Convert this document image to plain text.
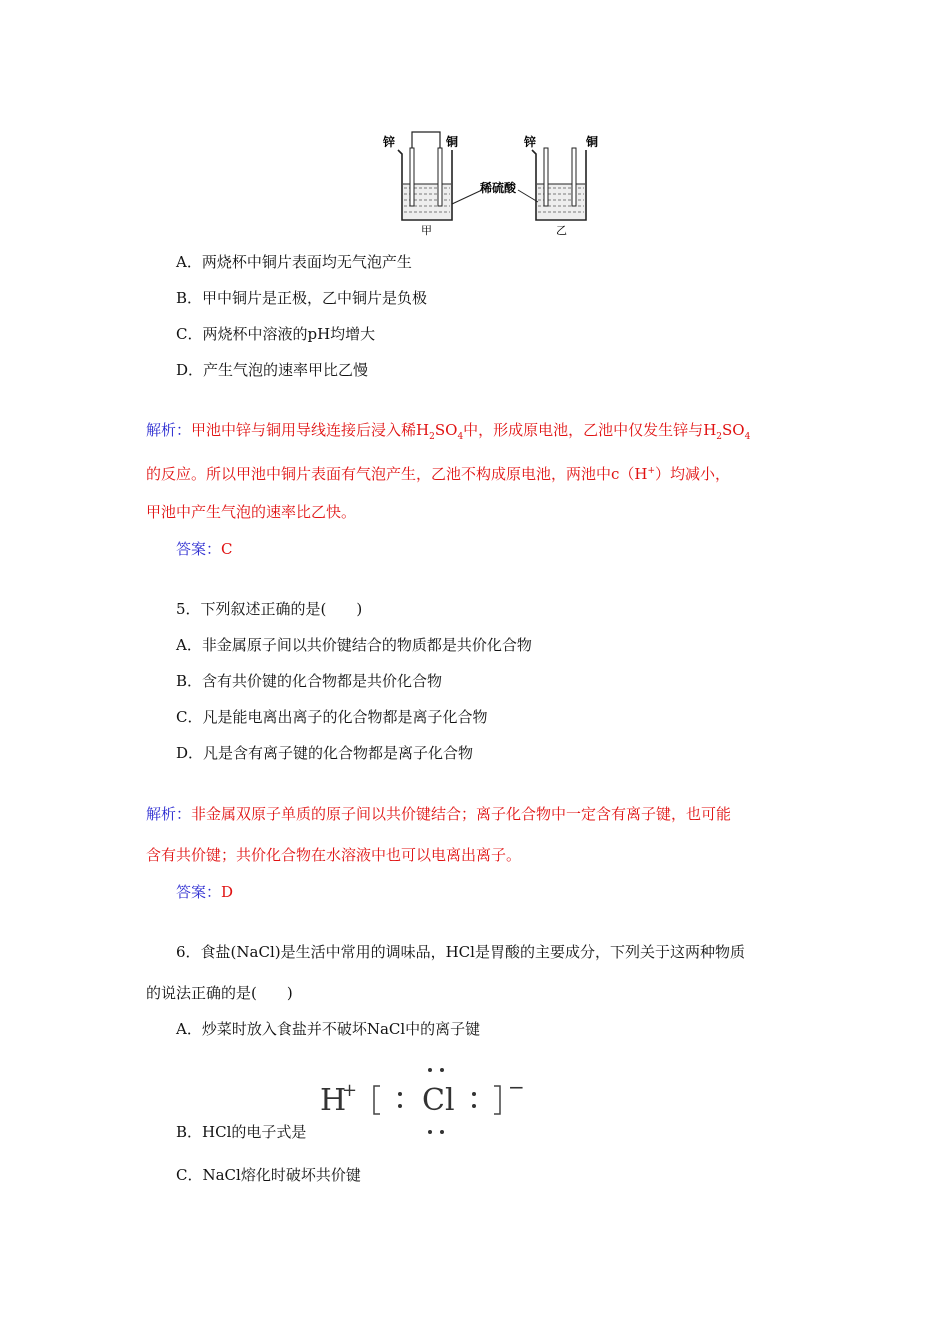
锌	铜	锌	铜
稀硫酸
甲	乙
A．两烧杯中铜片表面均无气泡产生
B．甲中铜片是正极，乙中铜片是负极
C．两烧杯中溶液的pH均增大
D．产生气泡的速率甲比乙慢
解析：甲池中锌与铜用导线连接后浸入稀$H_2SO_4$中，形成原电池，乙池中仅发生锌与$H_2SO_4$
的反应。所以甲池中铜片表面有气泡产生，乙池不构成原电池，两池中c（H+）均减小，
甲池中产生气泡的速率比乙快。
答案：C
5．下列叙述正确的是(　　)
A．非金属原子间以共价键结合的物质都是共价化合物
B．含有共价键的化合物都是共价化合物
C．凡是能电离出离子的化合物都是离子化合物
D．凡是含有离子键的化合物都是离子化合物
解析：非金属双原子单质的原子间以共价键结合；离子化合物中一定含有离子键，也可能
含有共价键；共价化合物在水溶液中也可以电离出离子。
答案：D
6．食盐(NaCl)是生活中常用的调味品，HCl是胃酸的主要成分，下列关于这两种物质
的说法正确的是(　　)
A．炒菜时放入食盐并不破坏NaCl中的离子键
H
+ Cl	−
B．HCl的电子式是
C．NaCl熔化时破坏共价键
